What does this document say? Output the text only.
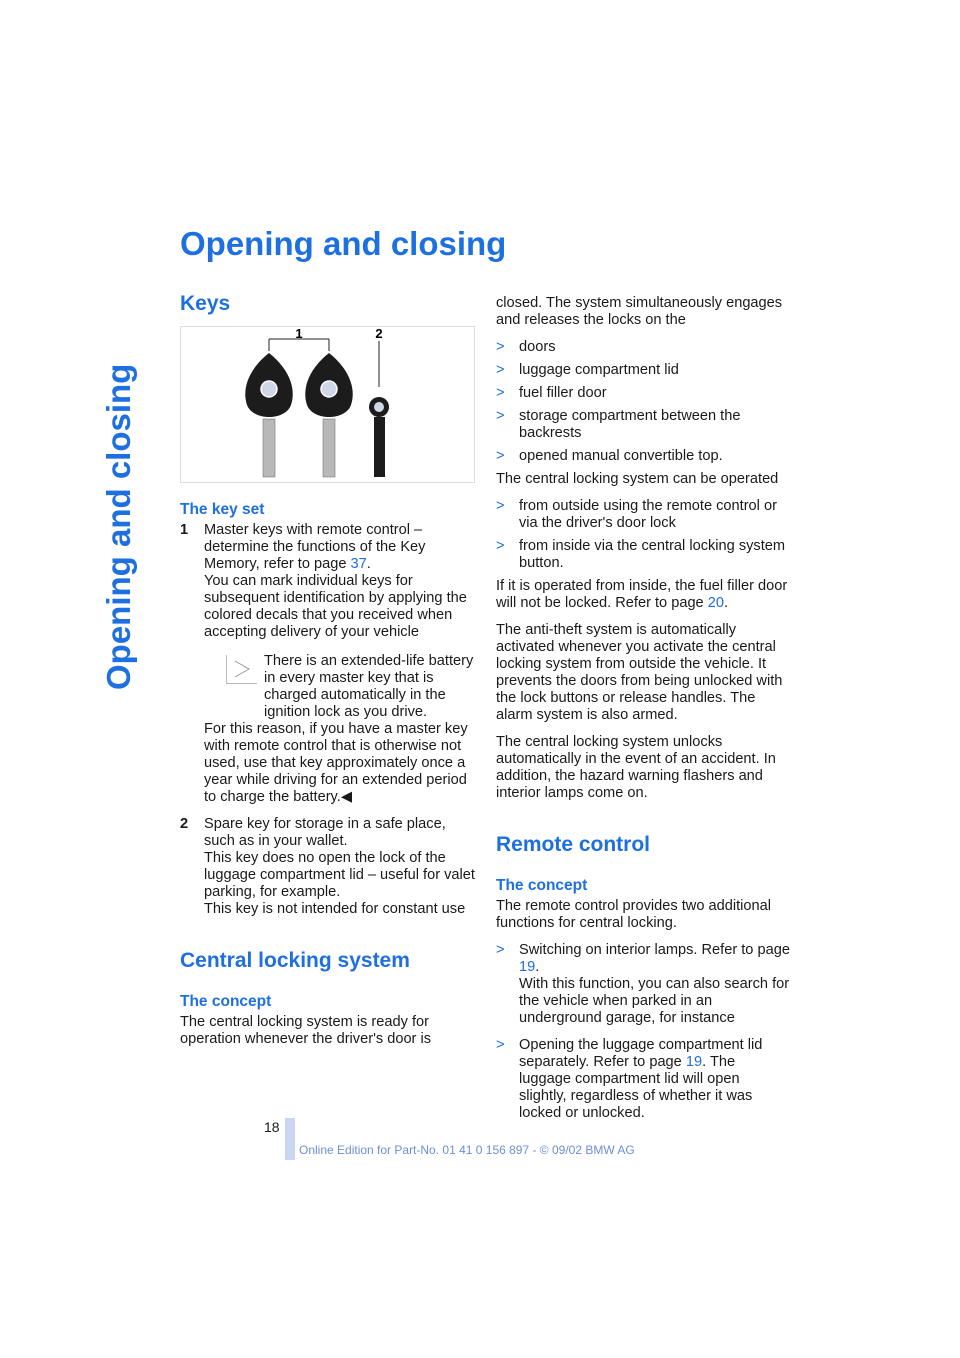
Opening and closing
Opening and closing
Keys
1	2
The key set
1	Master keys with remote control – determine the functions of the Key Memory, refer to page 37.
You can mark individual keys for subsequent identification by applying the colored decals that you received when accepting delivery of your vehicle
There is an extended-life battery in every master key that is charged automatically in the ignition lock as you drive.
For this reason, if you have a master key with remote control that is otherwise not used, use that key approximately once a year while driving for an extended period to charge the battery.◀
2	Spare key for storage in a safe place, such as in your wallet.
This key does no open the lock of the luggage compartment lid – useful for valet parking, for example.
This key is not intended for constant use
Central locking system
The concept

The central locking system is ready for operation whenever the driver's door is

closed. The system simultaneously engages and releases the locks on the

> doors
> luggage compartment lid
> fuel filler door
> storage compartment between the backrests
> opened manual convertible top.

The central locking system can be operated

> from outside using the remote control or via the driver's door lock
> from inside via the central locking system button.

If it is operated from inside, the fuel filler door will not be locked. Refer to page 20.

The anti-theft system is automatically activated whenever you activate the central locking system from outside the vehicle. It prevents the doors from being unlocked with the lock buttons or release handles. The alarm system is also armed.

The central locking system unlocks automatically in the event of an accident. In addition, the hazard warning flashers and interior lamps come on.

Remote control
The concept

The remote control provides two additional functions for central locking.

> Switching on interior lamps. Refer to page 19.
With this function, you can also search for the vehicle when parked in an underground garage, for instance
> Opening the luggage compartment lid separately. Refer to page 19. The luggage compartment lid will open slightly, regardless of whether it was locked or unlocked.
18
Online Edition for Part-No. 01 41 0 156 897 - © 09/02 BMW AG
